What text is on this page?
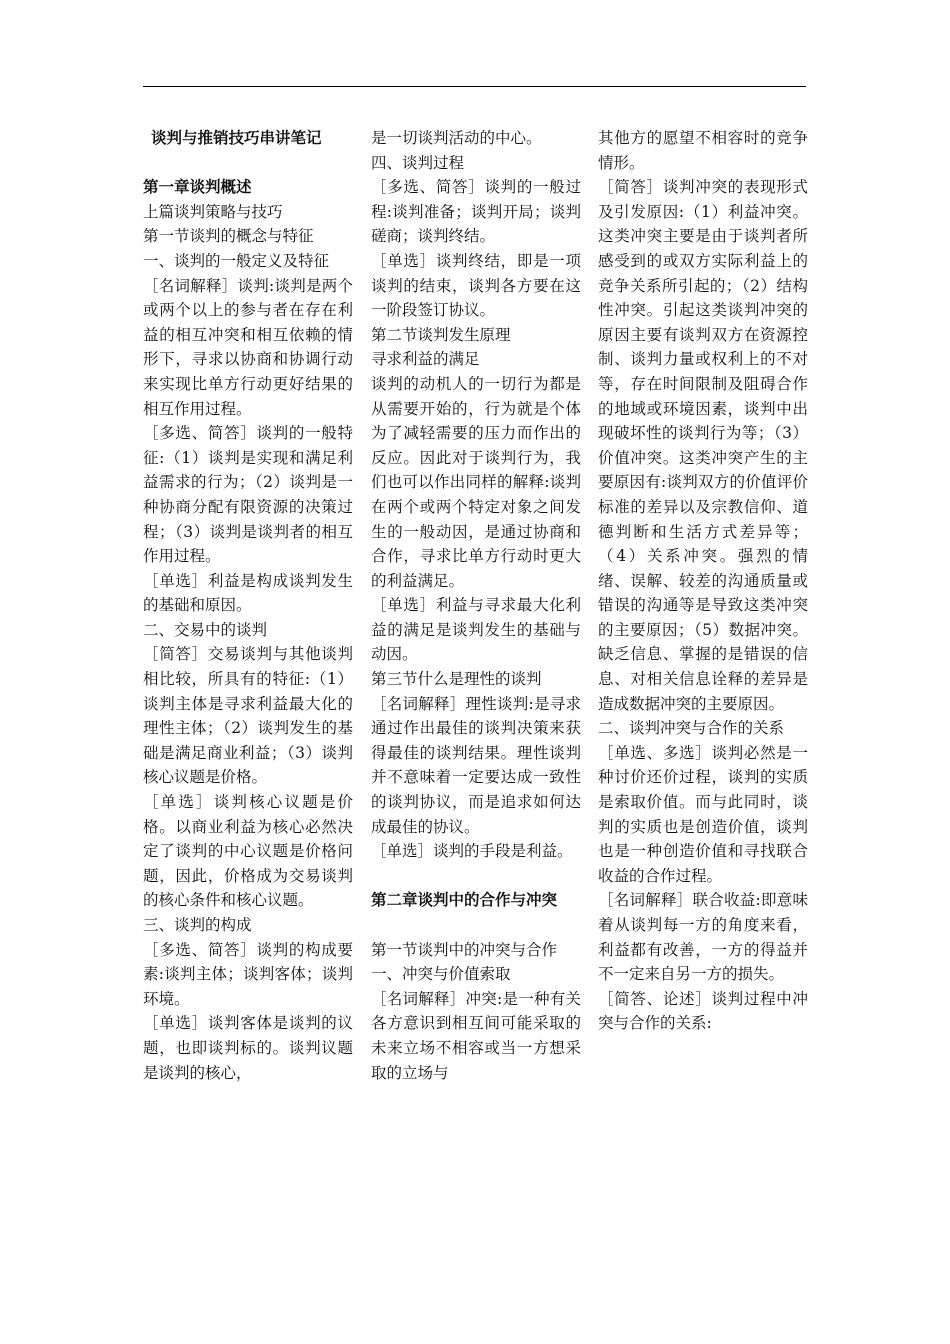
谈判与推销技巧串讲笔记

第一章谈判概述

上篇谈判策略与技巧

第一节谈判的概念与特征

一、谈判的一般定义及特征

［名词解释］谈判:谈判是两个或两个以上的参与者在存在利益的相互冲突和相互依赖的情形下，寻求以协商和协调行动来实现比单方行动更好结果的相互作用过程。

［多选、简答］谈判的一般特征:（1）谈判是实现和满足利益需求的行为；（2）谈判是一种协商分配有限资源的决策过程；（3）谈判是谈判者的相互作用过程。

［单选］利益是构成谈判发生的基础和原因。

二、交易中的谈判

［简答］交易谈判与其他谈判相比较，所具有的特征:（1）谈判主体是寻求利益最大化的理性主体；（2）谈判发生的基础是满足商业利益；（3）谈判核心议题是价格。

［单选］谈判核心议题是价格。以商业利益为核心必然决定了谈判的中心议题是价格问题，因此，价格成为交易谈判的核心条件和核心议题。

三、谈判的构成

［多选、简答］谈判的构成要素:谈判主体；谈判客体；谈判环境。

［单选］谈判客体是谈判的议题，也即谈判标的。谈判议题是谈判的核心，

是一切谈判活动的中心。

四、谈判过程

［多选、简答］谈判的一般过程:谈判准备；谈判开局；谈判磋商；谈判终结。

［单选］谈判终结，即是一项谈判的结束，谈判各方要在这一阶段签订协议。

第二节谈判发生原理

寻求利益的满足

谈判的动机人的一切行为都是从需要开始的，行为就是个体为了减轻需要的压力而作出的反应。因此对于谈判行为，我们也可以作出同样的解释:谈判在两个或两个特定对象之间发生的一般动因，是通过协商和合作，寻求比单方行动时更大的利益满足。

［单选］利益与寻求最大化利益的满足是谈判发生的基础与动因。

第三节什么是理性的谈判

［名词解释］理性谈判:是寻求通过作出最佳的谈判决策来获得最佳的谈判结果。理性谈判并不意味着一定要达成一致性的谈判协议，而是追求如何达成最佳的协议。

［单选］谈判的手段是利益。

第二章谈判中的合作与冲突

第一节谈判中的冲突与合作

一、冲突与价值索取

［名词解释］冲突:是一种有关各方意识到相互间可能采取的未来立场不相容或当一方想采取的立场与

其他方的愿望不相容时的竞争情形。

［简答］谈判冲突的表现形式及引发原因:（1）利益冲突。这类冲突主要是由于谈判者所感受到的或双方实际利益上的竞争关系所引起的；（2）结构性冲突。引起这类谈判冲突的原因主要有谈判双方在资源控制、谈判力量或权利上的不对等，存在时间限制及阻碍合作的地域或环境因素，谈判中出现破坏性的谈判行为等；（3）价值冲突。这类冲突产生的主要原因有:谈判双方的价值评价标准的差异以及宗教信仰、道德判断和生活方式差异等；（4）关系冲突。强烈的情绪、误解、较差的沟通质量或错误的沟通等是导致这类冲突的主要原因；（5）数据冲突。缺乏信息、掌握的是错误的信息、对相关信息诠释的差异是造成数据冲突的主要原因。

二、谈判冲突与合作的关系

［单选、多选］谈判必然是一种讨价还价过程，谈判的实质是索取价值。而与此同时，谈判的实质也是创造价值，谈判也是一种创造价值和寻找联合收益的合作过程。

［名词解释］联合收益:即意味着从谈判每一方的角度来看，利益都有改善，一方的得益并不一定来自另一方的损失。

［简答、论述］谈判过程中冲突与合作的关系:
